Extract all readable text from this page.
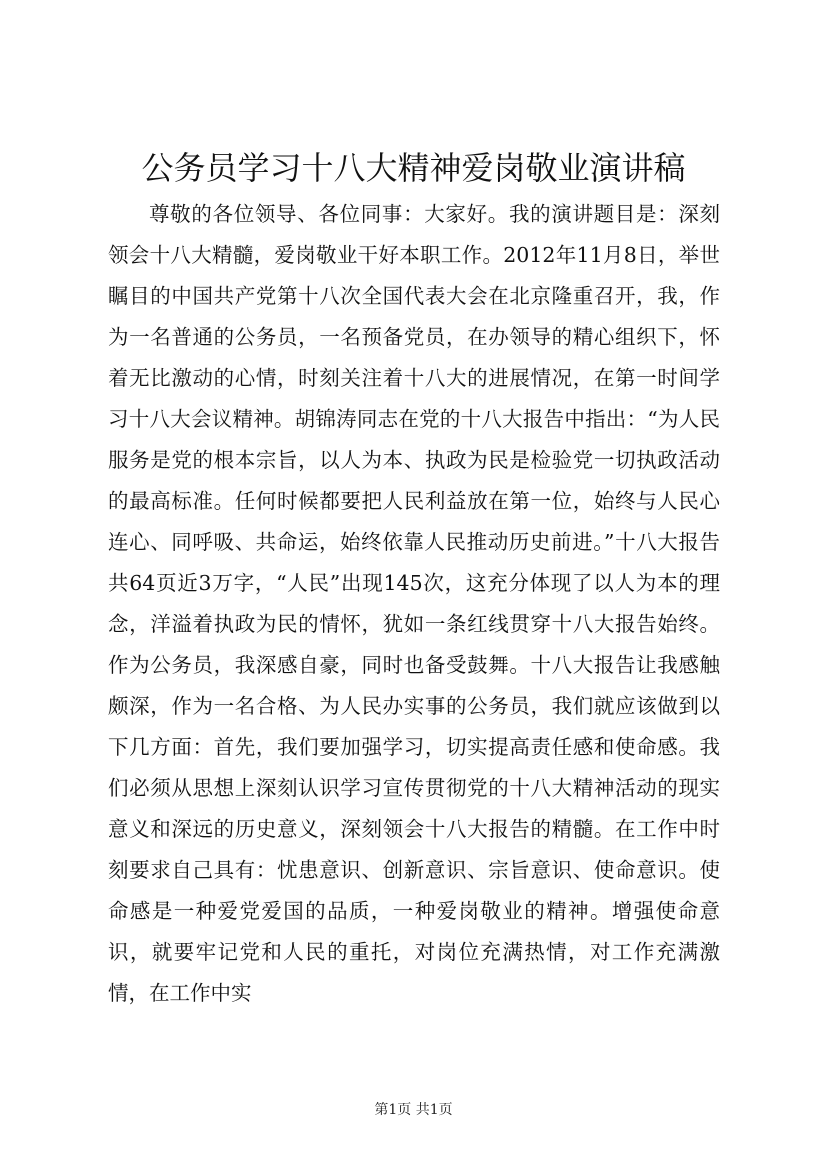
公务员学习十八大精神爱岗敬业演讲稿

尊敬的各位领导、各位同事：大家好。我的演讲题目是：深刻领会十八大精髓，爱岗敬业干好本职工作。2012年11月8日，举世瞩目的中国共产党第十八次全国代表大会在北京隆重召开，我，作为一名普通的公务员，一名预备党员，在办领导的精心组织下，怀着无比激动的心情，时刻关注着十八大的进展情况，在第一时间学习十八大会议精神。胡锦涛同志在党的十八大报告中指出：“为人民服务是党的根本宗旨，以人为本、执政为民是检验党一切执政活动的最高标准。任何时候都要把人民利益放在第一位，始终与人民心连心、同呼吸、共命运，始终依靠人民推动历史前进。”十八大报告共64页近3万字，“人民”出现145次，这充分体现了以人为本的理念，洋溢着执政为民的情怀，犹如一条红线贯穿十八大报告始终。作为公务员，我深感自豪，同时也备受鼓舞。十八大报告让我感触颇深，作为一名合格、为人民办实事的公务员，我们就应该做到以下几方面：首先，我们要加强学习，切实提高责任感和使命感。我们必须从思想上深刻认识学习宣传贯彻党的十八大精神活动的现实意义和深远的历史意义，深刻领会十八大报告的精髓。在工作中时刻要求自己具有：忧患意识、创新意识、宗旨意识、使命意识。使命感是一种爱党爱国的品质，一种爱岗敬业的精神。增强使命意识，就要牢记党和人民的重托，对岗位充满热情，对工作充满激情，在工作中实

第1页 共1页
